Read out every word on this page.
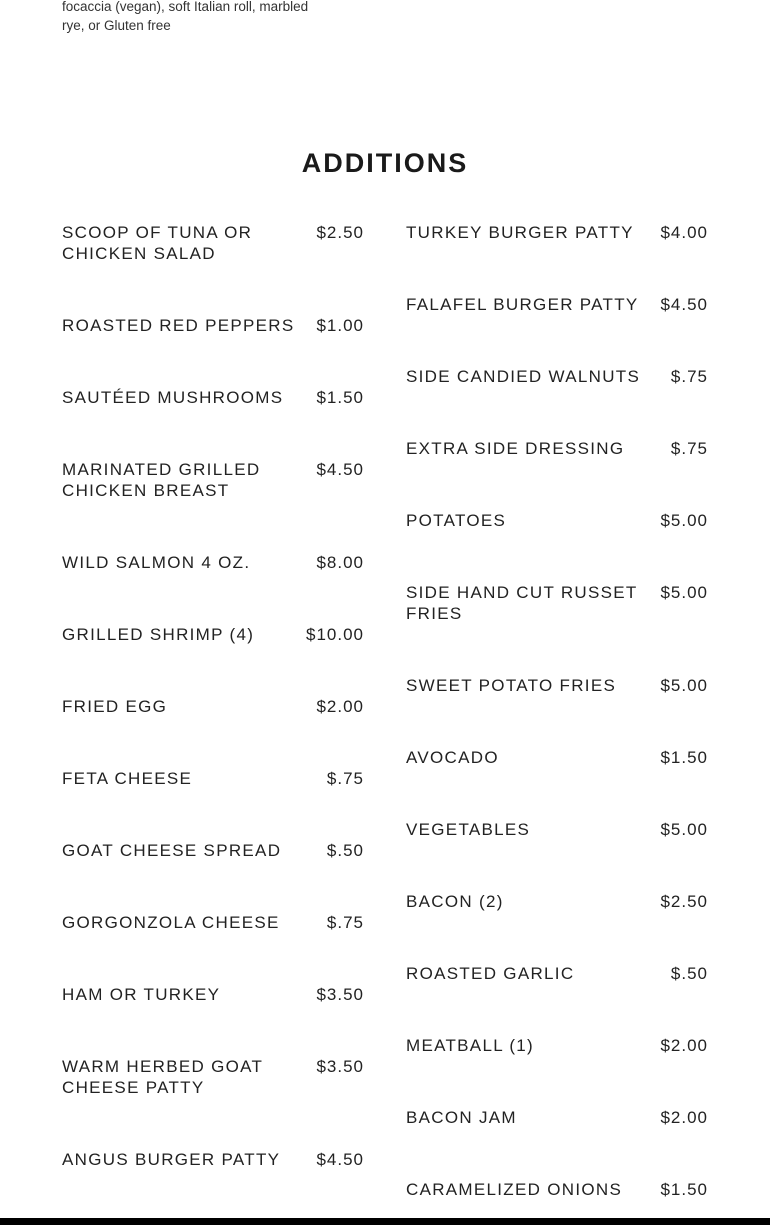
focaccia (vegan), soft Italian roll, marbled rye, or Gluten free

ADDITIONS
SCOOP OF TUNA OR CHICKEN SALAD
$2.50
ROASTED RED PEPPERS $1.00
SAUTÉED MUSHROOMS	$1.50
MARINATED GRILLED CHICKEN BREAST
$4.50
WILD SALMON 4 OZ.	$8.00
GRILLED SHRIMP (4)	$10.00
FRIED EGG	$2.00
FETA CHEESE	$.75
GOAT CHEESE SPREAD	$.50
GORGONZOLA CHEESE	$.75
HAM OR TURKEY	$3.50
WARM HERBED GOAT CHEESE PATTY
$3.50
ANGUS BURGER PATTY	$4.50
TURKEY BURGER PATTY	$4.00
FALAFEL BURGER PATTY $4.50
SIDE CANDIED WALNUTS $.75
EXTRA SIDE DRESSING	$.75
POTATOES	$5.00
SIDE HAND CUT RUSSET FRIES
$5.00
SWEET POTATO FRIES	$5.00
AVOCADO	$1.50
VEGETABLES	$5.00
BACON (2)	$2.50
ROASTED GARLIC	$.50
MEATBALL (1)	$2.00
BACON JAM	$2.00
CARAMELIZED ONIONS	$1.50
